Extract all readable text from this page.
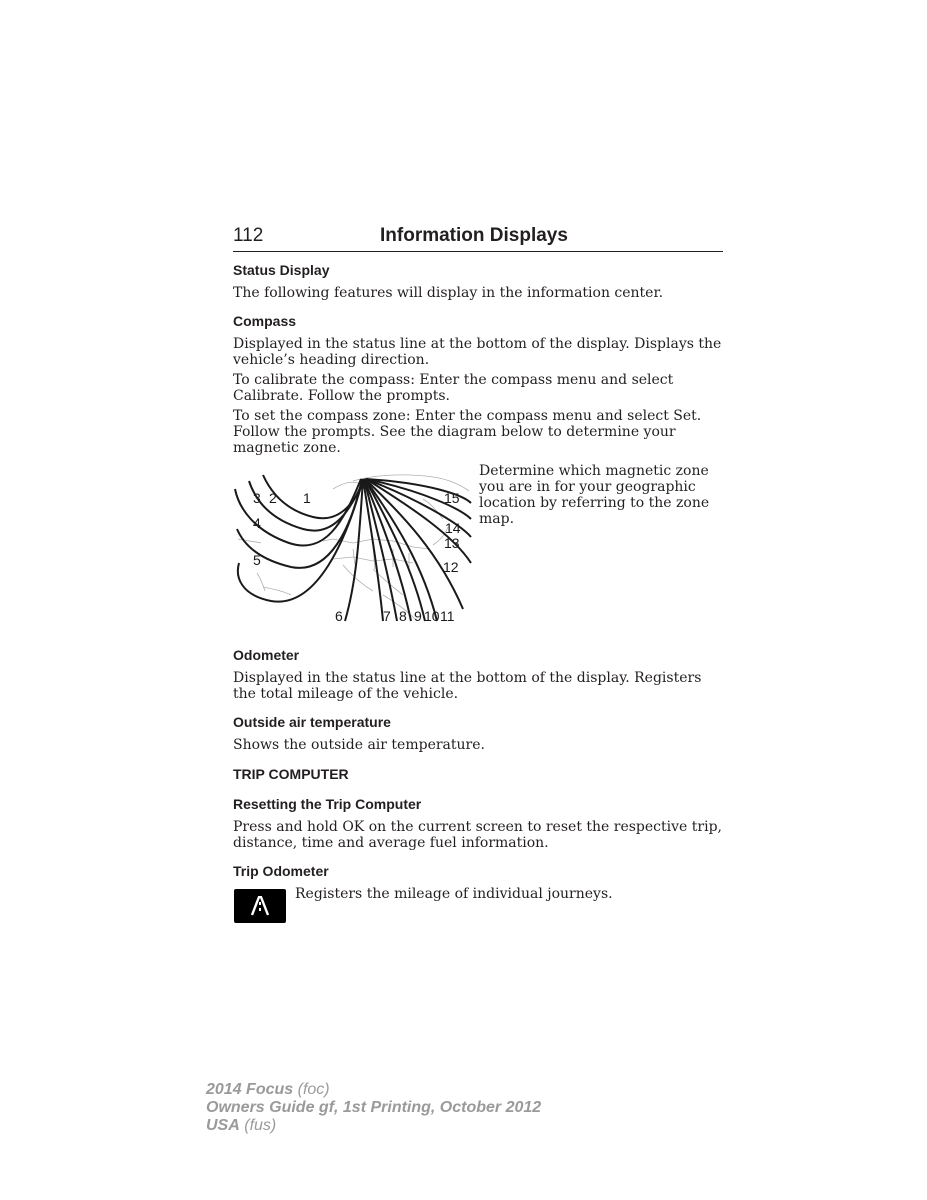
112	Information Displays
Status Display

The following features will display in the information center.

Compass

Displayed in the status line at the bottom of the display. Displays the vehicle’s heading direction.

To calibrate the compass: Enter the compass menu and select Calibrate. Follow the prompts.

To set the compass zone: Enter the compass menu and select Set. Follow the prompts. See the diagram below to determine your magnetic zone.

3 2 1
4
5
6	7 8 9 10 11
12
13
14
15

Determine which magnetic zone you are in for your geographic location by referring to the zone map.

Odometer

Displayed in the status line at the bottom of the display. Registers the total mileage of the vehicle.

Outside air temperature

Shows the outside air temperature.

TRIP COMPUTER
Resetting the Trip Computer

Press and hold OK on the current screen to reset the respective trip, distance, time and average fuel information.

Trip Odometer

Registers the mileage of individual journeys.

2014 Focus (foc)
Owners Guide gf, 1st Printing, October 2012
USA (fus)
